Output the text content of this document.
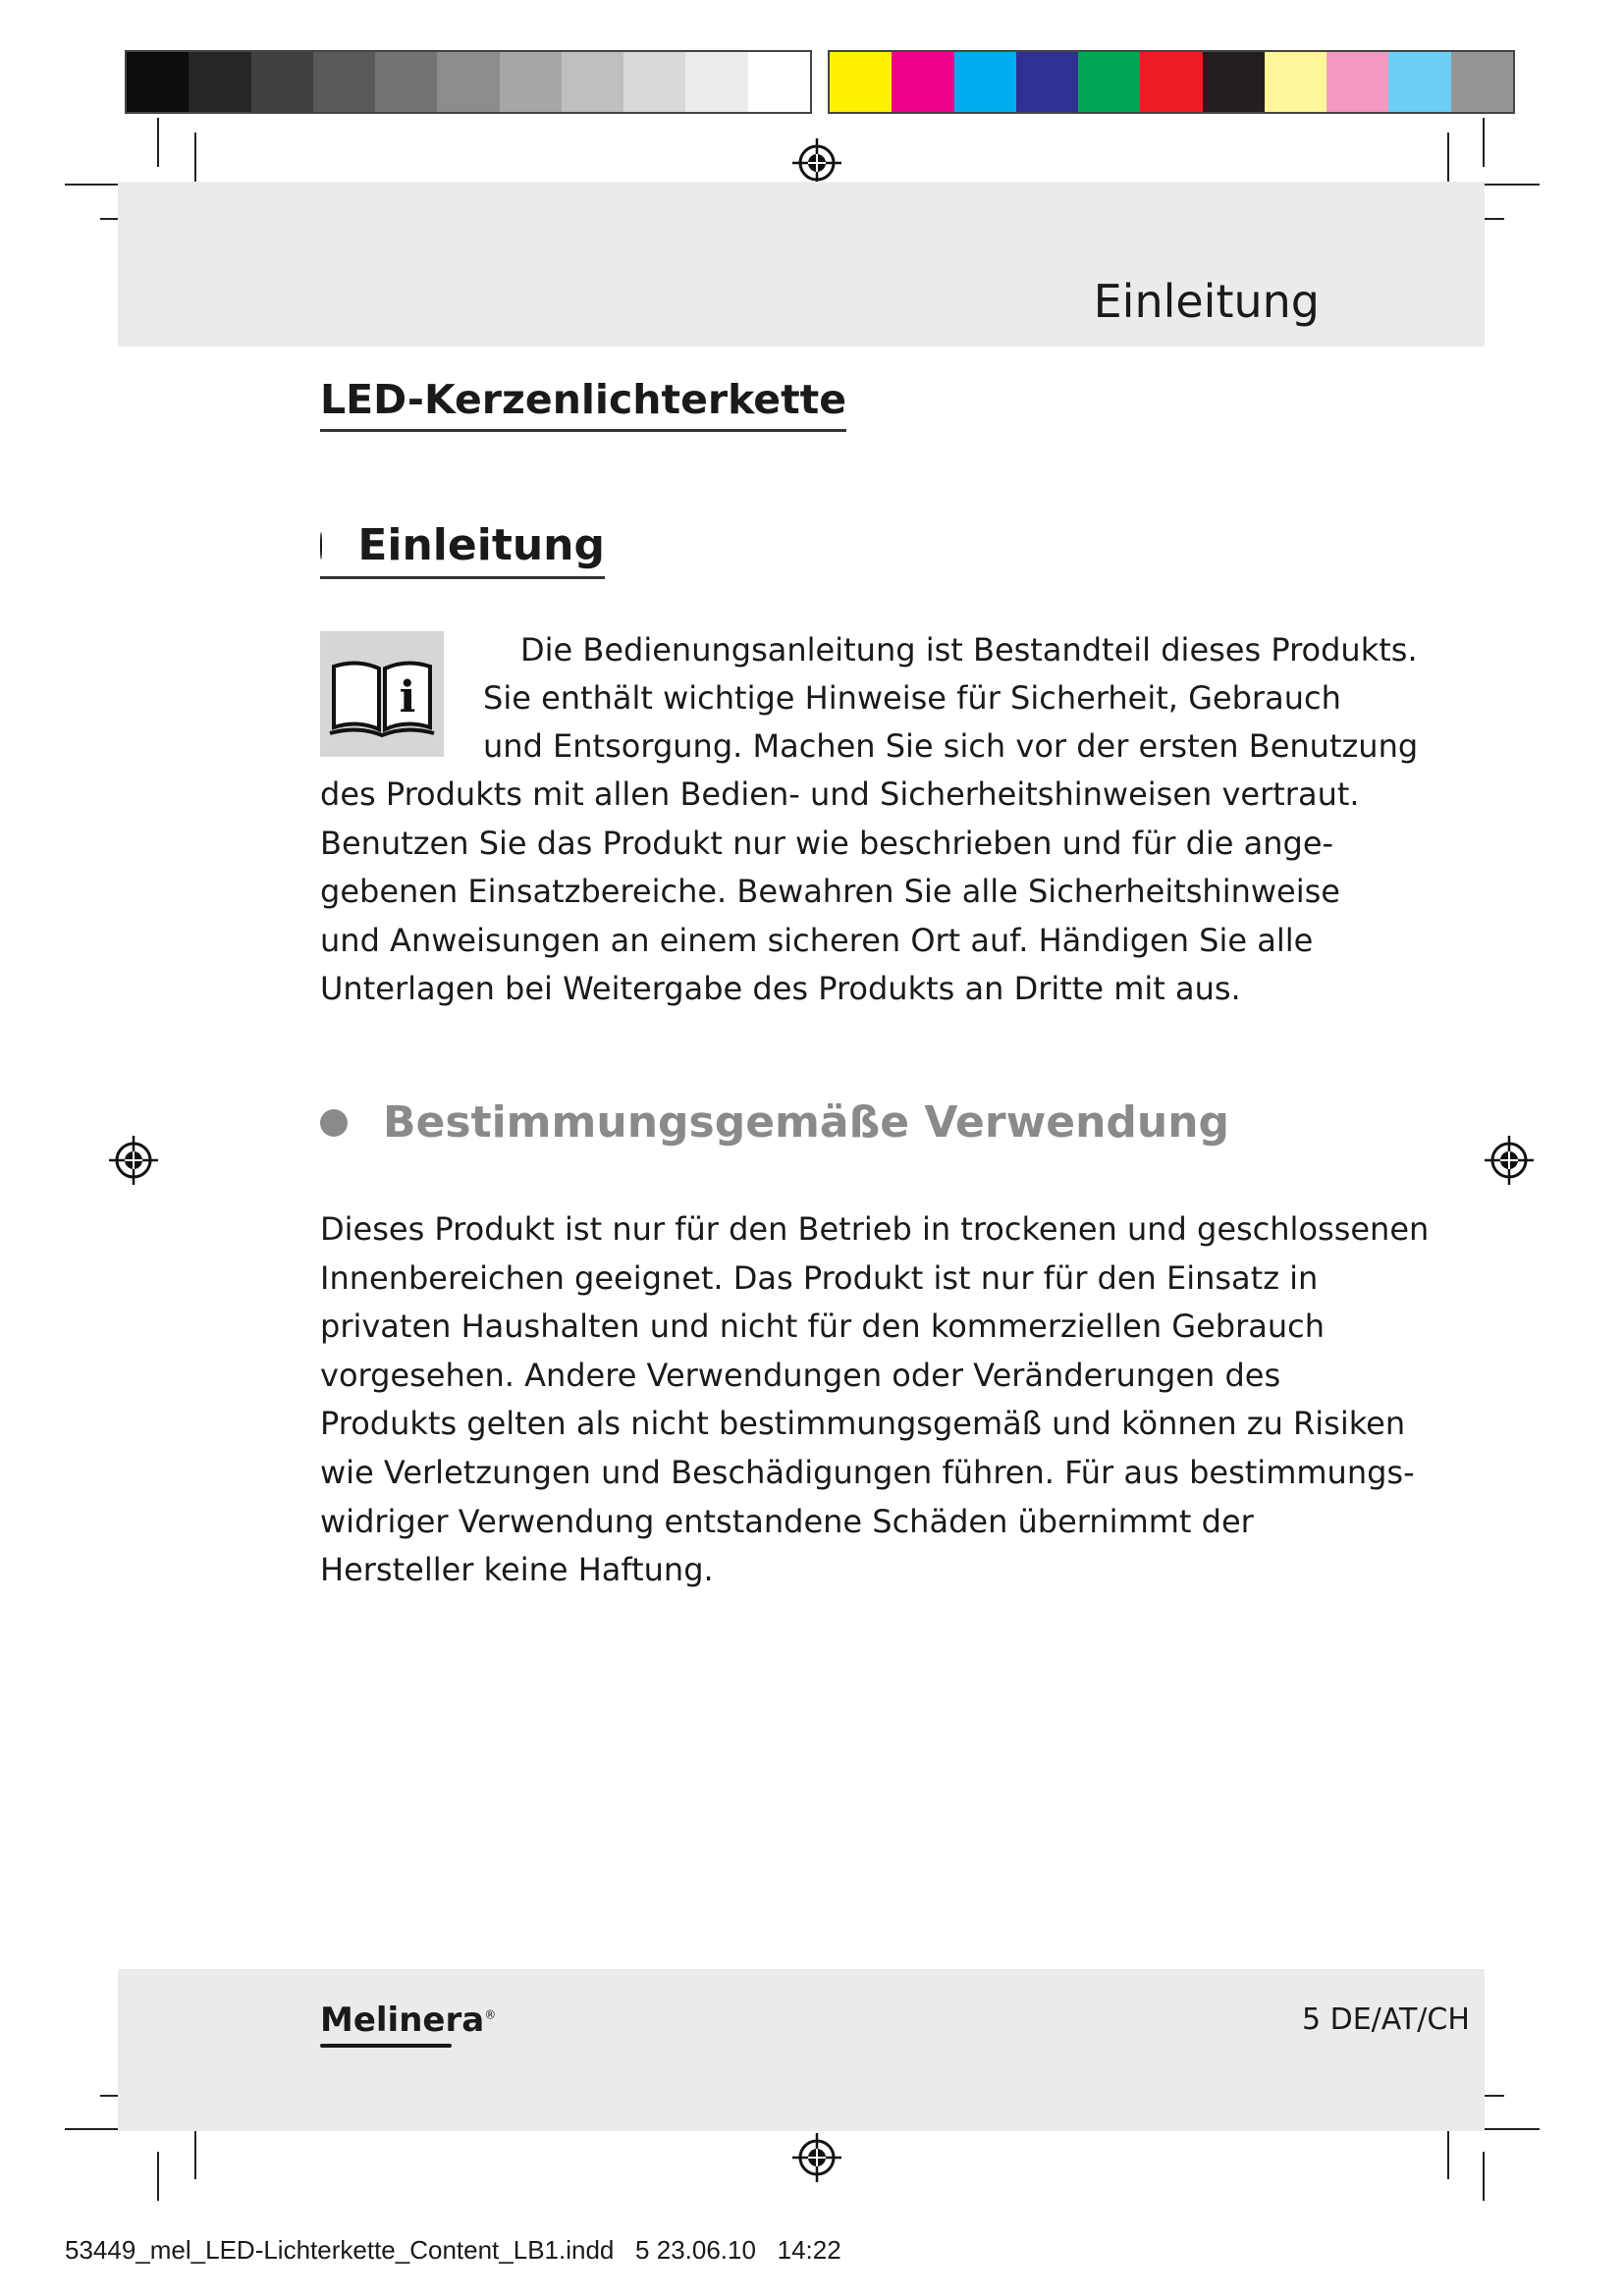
Einleitung
LED-Kerzenlichterkette
Einleitung
i
Die Bedienungsanleitung ist Bestandteil dieses Produkts.
Sie enthält wichtige Hinweise für Sicherheit, Gebrauch
und Entsorgung. Machen Sie sich vor der ersten Benutzung
des Produkts mit allen Bedien- und Sicherheitshinweisen vertraut.
Benutzen Sie das Produkt nur wie beschrieben und für die ange-
gebenen Einsatzbereiche. Bewahren Sie alle Sicherheitshinweise
und Anweisungen an einem sicheren Ort auf. Händigen Sie alle
Unterlagen bei Weitergabe des Produkts an Dritte mit aus.
Bestimmungsgemäße Verwendung
Dieses Produkt ist nur für den Betrieb in trockenen und geschlossenen
Innenbereichen geeignet. Das Produkt ist nur für den Einsatz in
privaten Haushalten und nicht für den kommerziellen Gebrauch
vorgesehen. Andere Verwendungen oder Veränderungen des
Produkts gelten als nicht bestimmungsgemäß und können zu Risiken
wie Verletzungen und Beschädigungen führen. Für aus bestimmungs-
widriger Verwendung entstandene Schäden übernimmt der
Hersteller keine Haftung.
Melinera®	5 DE/AT/CH
53449_mel_LED-Lichterkette_Content_LB1.indd   5 23.06.10   14:22
